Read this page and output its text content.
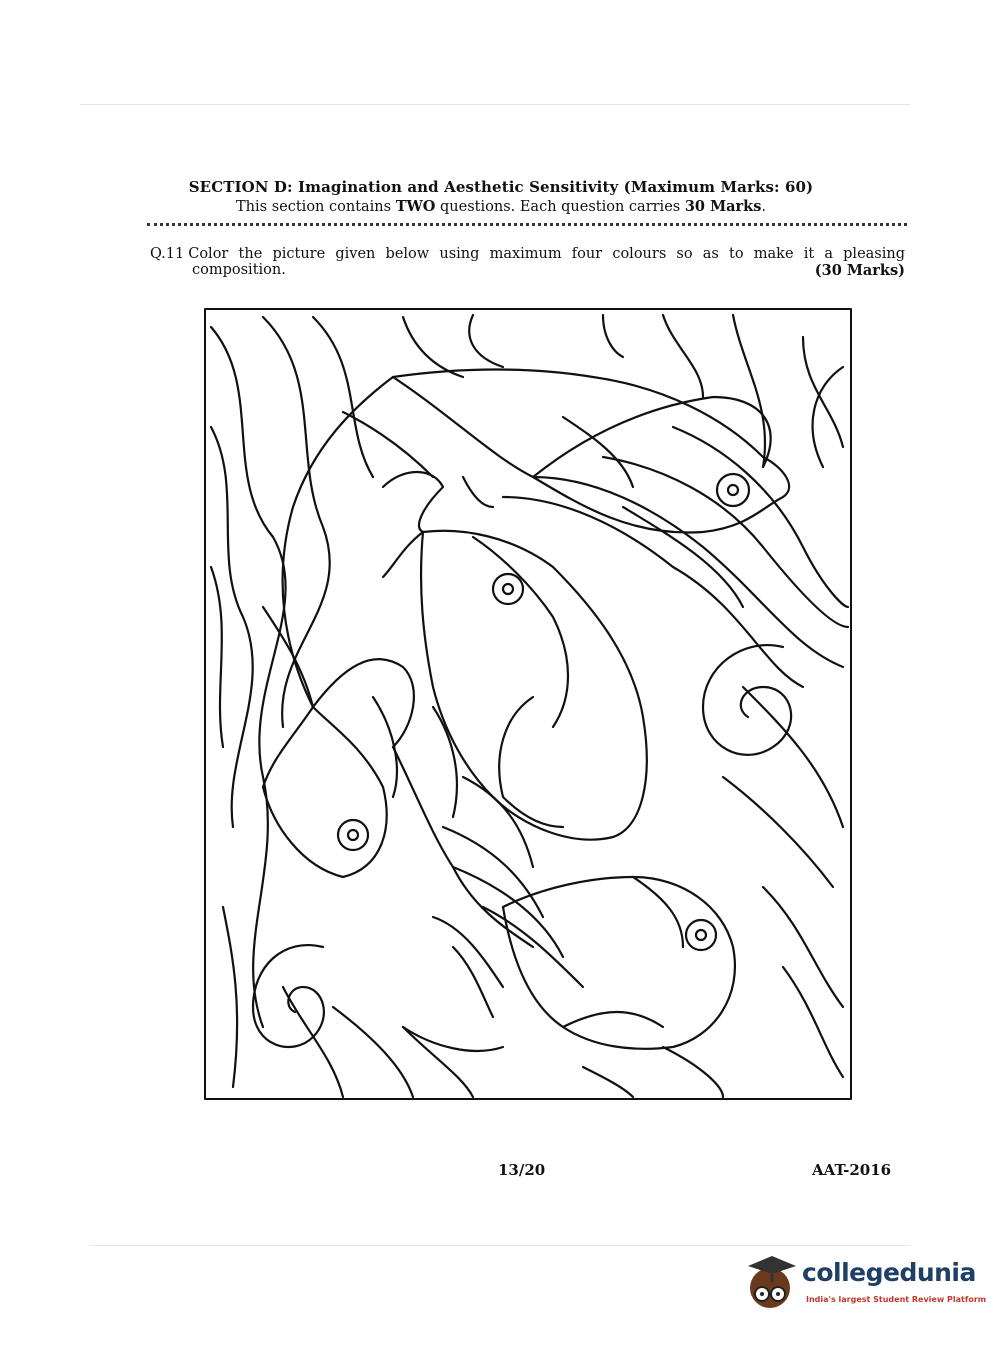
SECTION D: Imagination and Aesthetic Sensitivity (Maximum Marks: 60)
This section contains TWO questions. Each question carries 30 Marks.
Q.11 Color the picture given below using maximum four colours so as to make it a pleasing
composition.	(30 Marks)
13/20	AAT-2016
collegedunia
India's largest Student Review Platform
